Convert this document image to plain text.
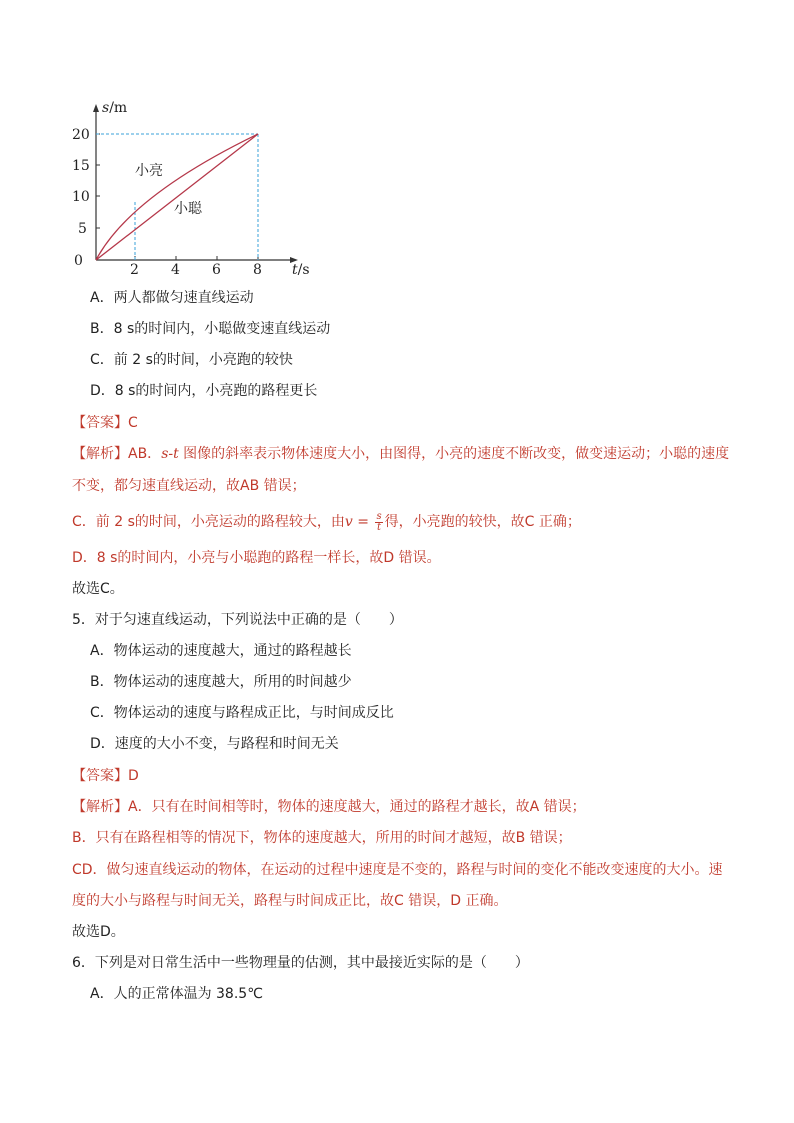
s/m
t/s
0
5
10
15
20
2 4 6 8
小亮
小聪
A．两人都做匀速直线运动
B．8 s的时间内，小聪做变速直线运动
C．前 2 s的时间，小亮跑的较快
D．8 s的时间内，小亮跑的路程更长
【答案】C
【解析】AB．s-t 图像的斜率表示物体速度大小，由图得，小亮的速度不断改变，做变速运动；小聪的速度
不变，都匀速直线运动，故AB 错误；
C．前 2 s的时间，小亮运动的路程较大，由$v = \frac{s}{t}$ 得，小亮跑的较快，故C 正确；
D．8 s的时间内，小亮与小聪跑的路程一样长，故D 错误。
故选C。
5．对于匀速直线运动，下列说法中正确的是（　　）
A．物体运动的速度越大，通过的路程越长
B．物体运动的速度越大，所用的时间越少
C．物体运动的速度与路程成正比，与时间成反比
D．速度的大小不变，与路程和时间无关
【答案】D
【解析】A．只有在时间相等时，物体的速度越大，通过的路程才越长，故A 错误；
B．只有在路程相等的情况下，物体的速度越大，所用的时间才越短，故B 错误；
CD．做匀速直线运动的物体，在运动的过程中速度是不变的，路程与时间的变化不能改变速度的大小。速
度的大小与路程与时间无关，路程与时间成正比，故C 错误，D 正确。
故选D。
6．下列是对日常生活中一些物理量的估测，其中最接近实际的是（　　）
A．人的正常体温为 38.5℃
